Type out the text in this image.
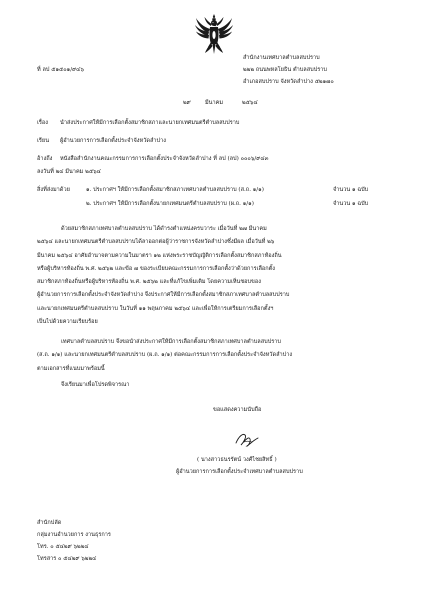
ที่ ลป ๕๑๕๐๑/๙๔๖
สำนักงานเทศบาลตำบลสบปราบ
๒๒๒ ถนนพหลโยธิน ตำบลสบปราบ
อำเภอสบปราบ จังหวัดลำปาง ๕๒๑๗๐
๒๙	มีนาคม	๒๕๖๔
เรื่อง นำส่งประกาศให้มีการเลือกตั้งสมาชิกสภาและนายกเทศมนตรีตำบลสบปราบ
เรียน ผู้อำนวยการการเลือกตั้งประจำจังหวัดลำปาง
อ้างถึง หนังสือสำนักงานคณะกรรมการการเลือกตั้งประจำจังหวัดลำปาง ที่ ลป (ลป) ๐๐๐๖/๙๔๓
ลงวันที่ ๒๔ มีนาคม ๒๕๖๔
สิ่งที่ส่งมาด้วย	๑. ประกาศฯ ให้มีการเลือกตั้งสมาชิกสภาเทศบาลตำบลสบปราบ (ส.ถ. ๑/๑)	จำนวน ๑ ฉบับ
๒. ประกาศฯ ให้มีการเลือกตั้งนายกเทศมนตรีตำบลสบปราบ (ผ.ถ. ๑/๑)	จำนวน ๑ ฉบับ
ด้วยสมาชิกสภาเทศบาลตำบลสบปราบ ได้ดำรงตำแหน่งครบวาระ เมื่อวันที่ ๒๗ มีนาคม
๒๕๖๔ และนายกเทศมนตรีตำบลสบปราบได้ลาออกต่อผู้ว่าราชการจังหวัดลำปางซึ่งมีผล เมื่อวันที่ ๒๖
มีนาคม ๒๕๖๔ อาศัยอำนาจตามความในมาตรา ๑๒ แห่งพระราชบัญญัติการเลือกตั้งสมาชิกสภาท้องถิ่น
หรือผู้บริหารท้องถิ่น พ.ศ. ๒๕๖๒ และข้อ ๗ ของระเบียบคณะกรรมการการเลือกตั้งว่าด้วยการเลือกตั้ง
สมาชิกสภาท้องถิ่นหรือผู้บริหารท้องถิ่น พ.ศ. ๒๕๖๒ และที่แก้ไขเพิ่มเติม โดยความเห็นชอบของ
ผู้อำนวยการการเลือกตั้งประจำจังหวัดลำปาง จึงประกาศให้มีการเลือกตั้งสมาชิกสภาเทศบาลตำบลสบปราบ
และนายกเทศมนตรีตำบลสบปราบ ในวันที่ ๑๑ พฤษภาคม ๒๕๖๔ และเพื่อให้การเตรียมการเลือกตั้งฯ
เป็นไปด้วยความเรียบร้อย
เทศบาลตำบลสบปราบ จึงขอนำส่งประกาศให้มีการเลือกตั้งสมาชิกสภาเทศบาลตำบลสบปราบ
(ส.ถ. ๑/๑) และนายกเทศมนตรีตำบลสบปราบ (ผ.ถ. ๑/๑) ต่อคณะกรรมการการเลือกตั้งประจำจังหวัดลำปาง
ตามเอกสารที่แนบมาพร้อมนี้
จึงเรียนมาเพื่อโปรดพิจารณา
ขอแสดงความนับถือ
( นางสาวธนรรัตน์ วงศ์ไชยสิทธิ์ )
ผู้อำนวยการการเลือกตั้งประจำเทศบาลตำบลสบปราบ
สำนักปลัด
กลุ่มงานอำนวยการ งานธุรการ
โทร. ๐ ๕๔๒๙ ๖๒๒๔
โทรสาร ๐ ๕๔๒๙ ๖๒๒๔
